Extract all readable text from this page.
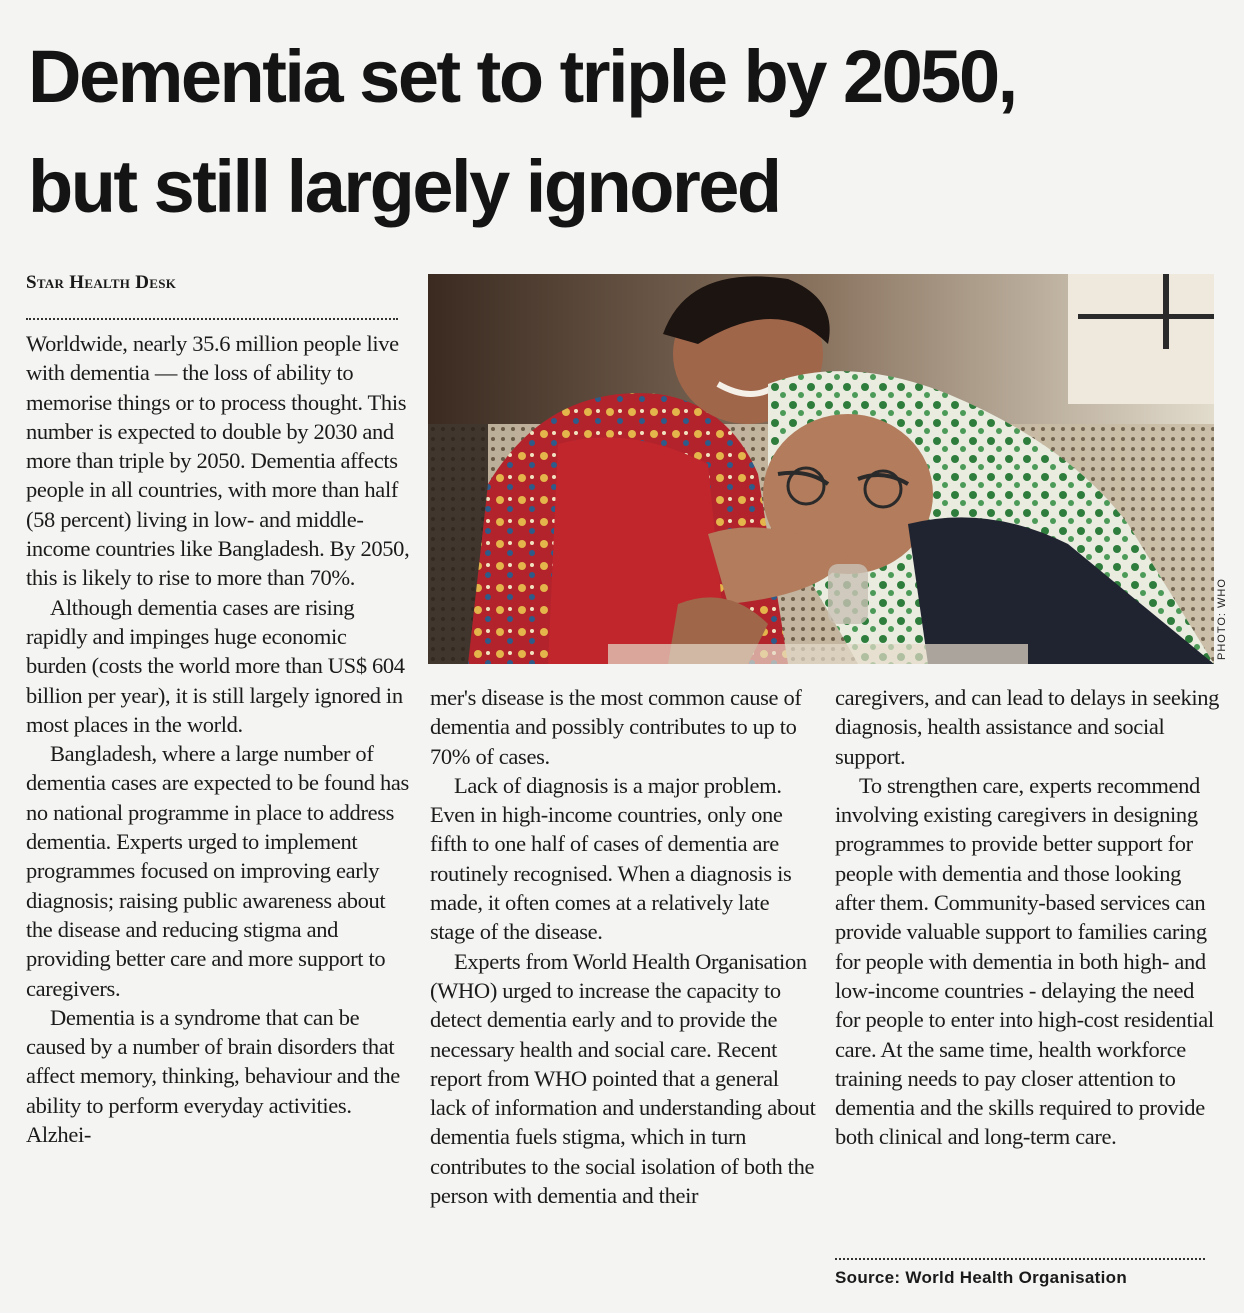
Dementia set to triple by 2050,
but still largely ignored
Star Health Desk
PHOTO: WHO

Worldwide, nearly 35.6 million people live with dementia — the loss of ability to memorise things or to process thought. This number is expected to double by 2030 and more than triple by 2050. Dementia affects people in all countries, with more than half (58 percent) living in low- and middle-income countries like Bangladesh. By 2050, this is likely to rise to more than 70%.

Although dementia cases are rising rapidly and impinges huge economic burden (costs the world more than US$ 604 billion per year), it is still largely ignored in most places in the world.

Bangladesh, where a large number of dementia cases are expected to be found has no national programme in place to address dementia. Experts urged to implement programmes focused on improving early diagnosis; raising public awareness about the disease and reducing stigma and providing better care and more support to caregivers.

Dementia is a syndrome that can be caused by a number of brain disorders that affect memory, thinking, behaviour and the ability to perform everyday activities. Alzhei-

mer's disease is the most common cause of dementia and possibly contributes to up to 70% of cases.

Lack of diagnosis is a major problem. Even in high-income countries, only one fifth to one half of cases of dementia are routinely recognised. When a diagnosis is made, it often comes at a relatively late stage of the disease.

Experts from World Health Organisation (WHO) urged to increase the capacity to detect dementia early and to provide the necessary health and social care. Recent report from WHO pointed that a general lack of information and understanding about dementia fuels stigma, which in turn contributes to the social isolation of both the person with dementia and their

caregivers, and can lead to delays in seeking diagnosis, health assistance and social support.

To strengthen care, experts recommend involving existing caregivers in designing programmes to provide better support for people with dementia and those looking after them. Community-based services can provide valuable support to families caring for people with dementia in both high- and low-income countries - delaying the need for people to enter into high-cost residential care. At the same time, health workforce training needs to pay closer attention to dementia and the skills required to provide both clinical and long-term care.

Source: World Health Organisation
